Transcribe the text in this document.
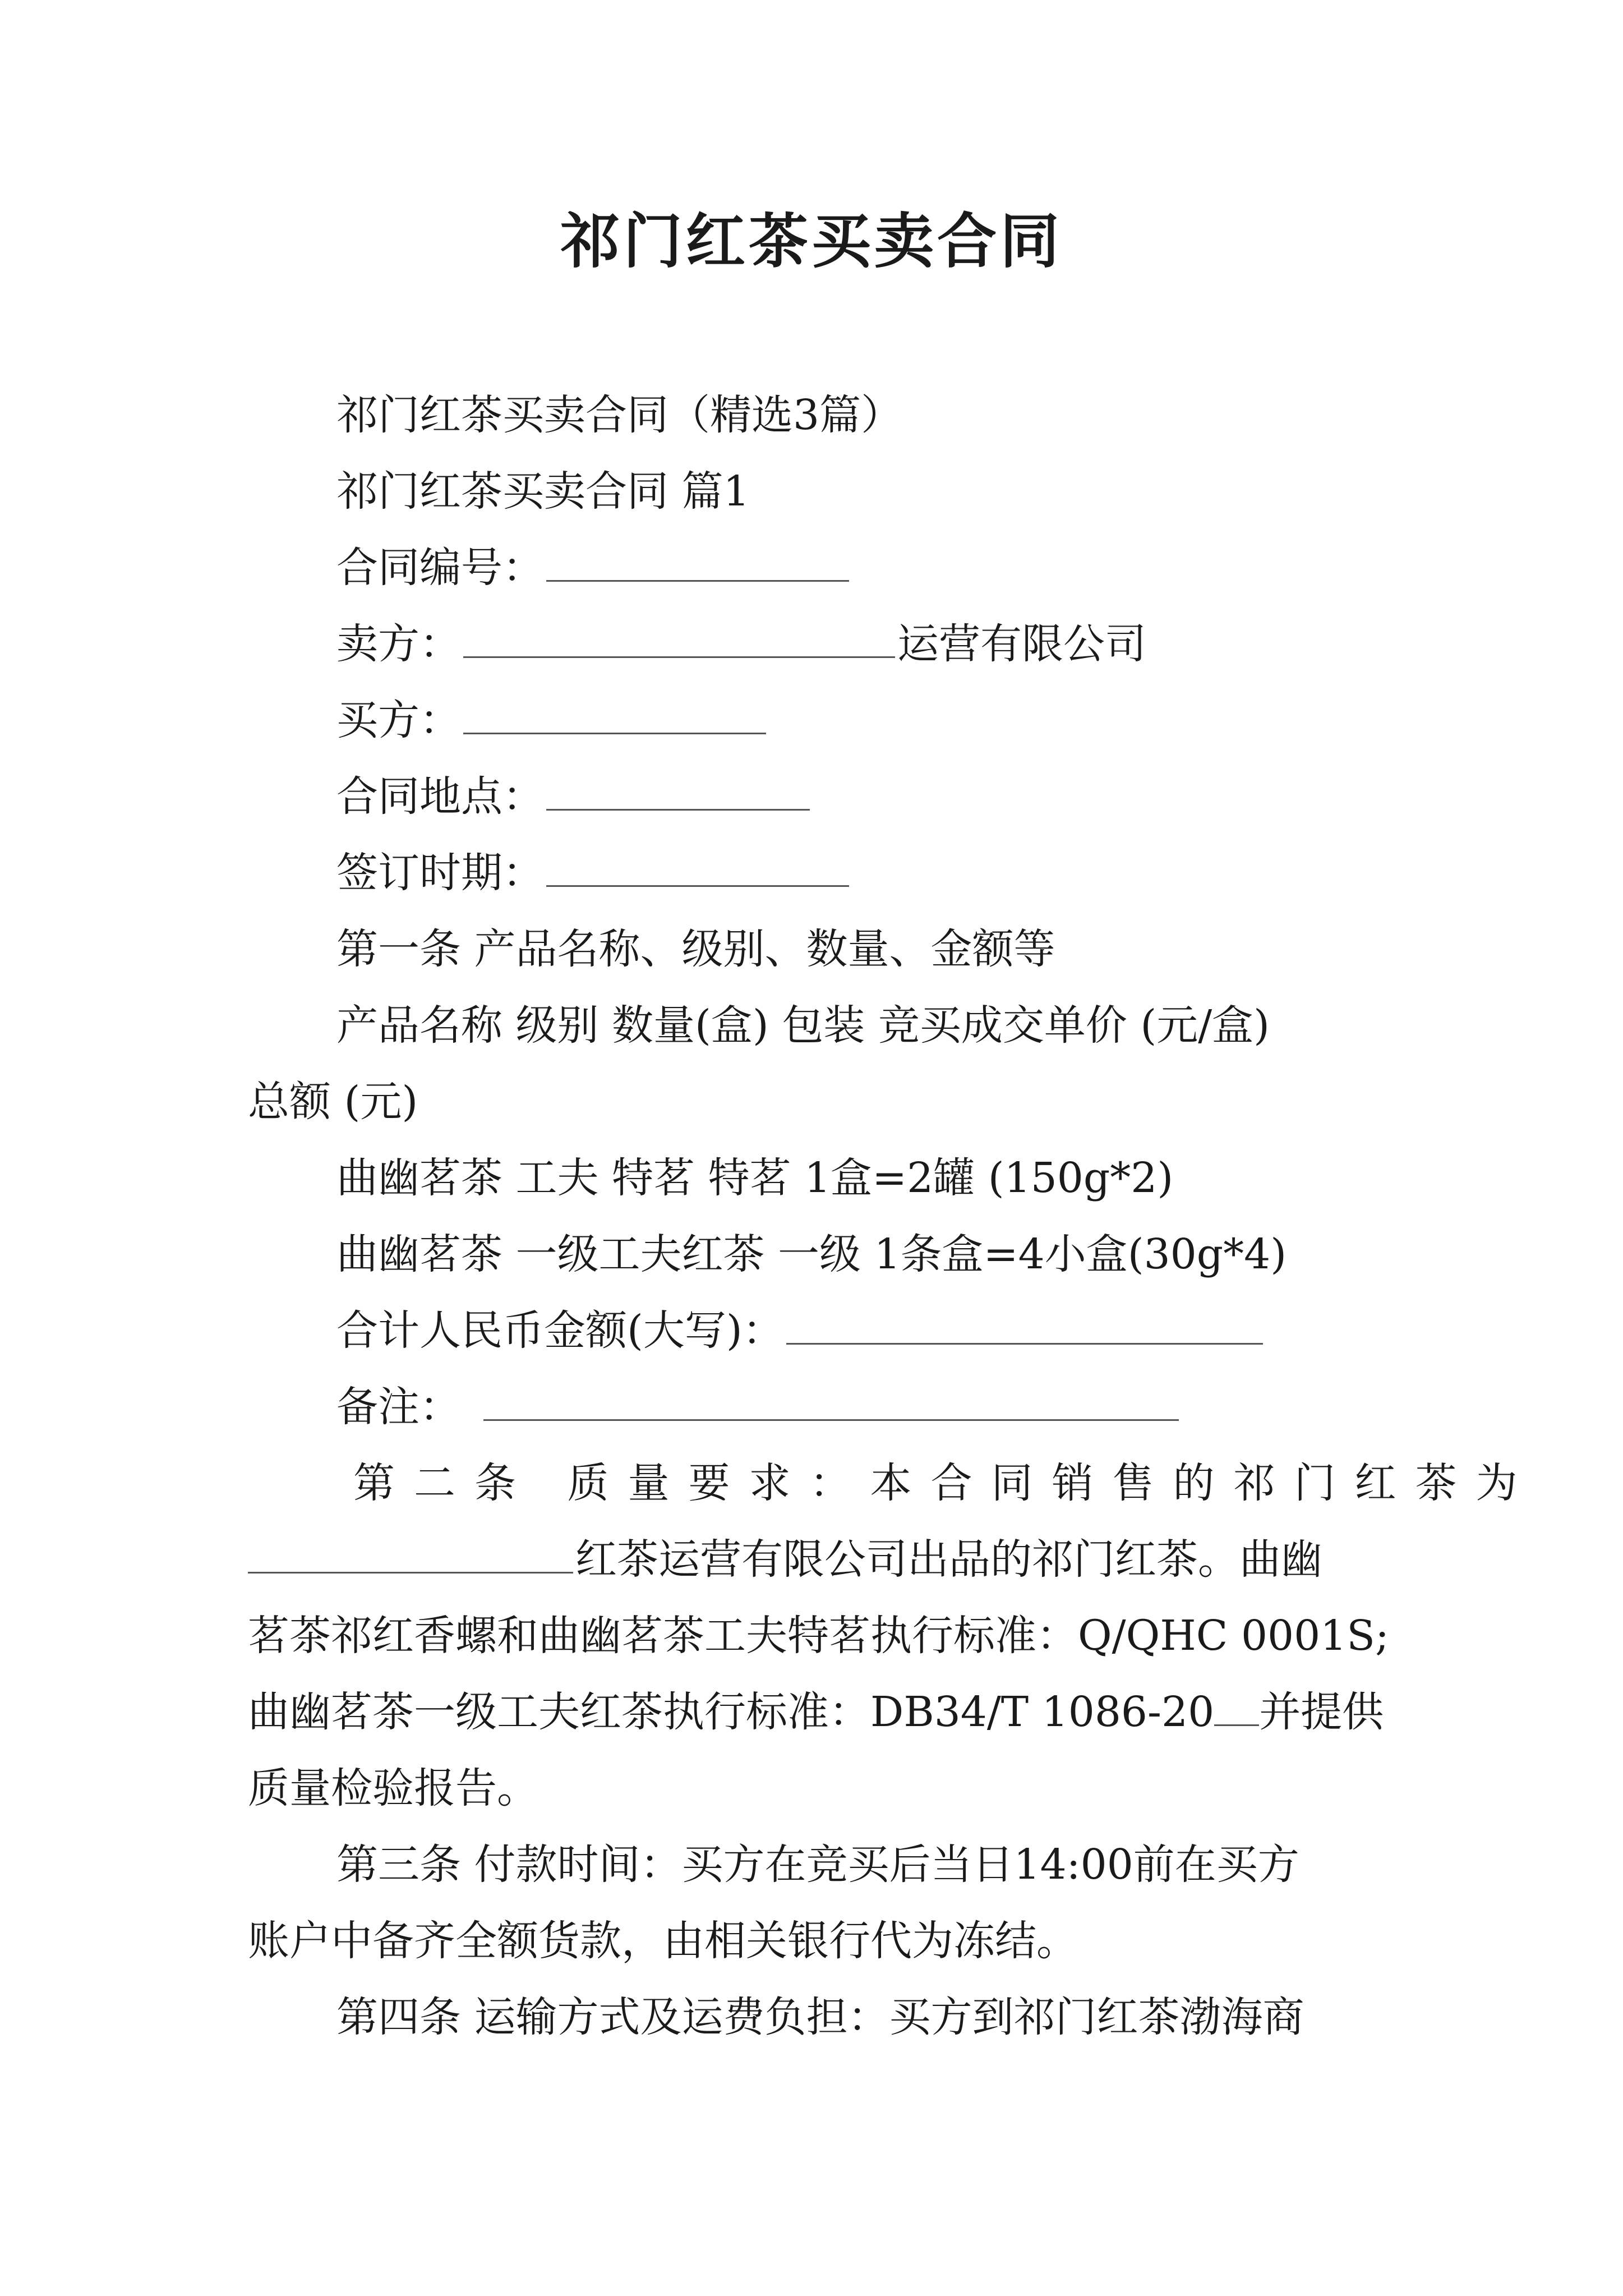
祁门红茶买卖合同
祁门红茶买卖合同（精选3篇）
祁门红茶买卖合同 篇1
合同编号：
卖方：	运营有限公司
买方：
合同地点：
签订时期：
第一条 产品名称、级别、数量、金额等
产品名称 级别 数量(盒) 包装 竞买成交单价 (元/盒)
总额 (元)
曲幽茗茶 工夫 特茗 特茗 1盒=2罐 (150g*2)
曲幽茗茶 一级工夫红茶 一级 1条盒=4小盒(30g*4)
合计人民币金额(大写)：
备注：
第二条 质量要求：本合同销售的祁门红茶为
红茶运营有限公司出品的祁门红茶。曲幽
茗茶祁红香螺和曲幽茗茶工夫特茗执行标准：Q/QHC 0001S;
曲幽茗茶一级工夫红茶执行标准：DB34/T 1086-20 并提供
质量检验报告。
第三条 付款时间：买方在竞买后当日14:00前在买方
账户中备齐全额货款，由相关银行代为冻结。
第四条 运输方式及运费负担：买方到祁门红茶渤海商
